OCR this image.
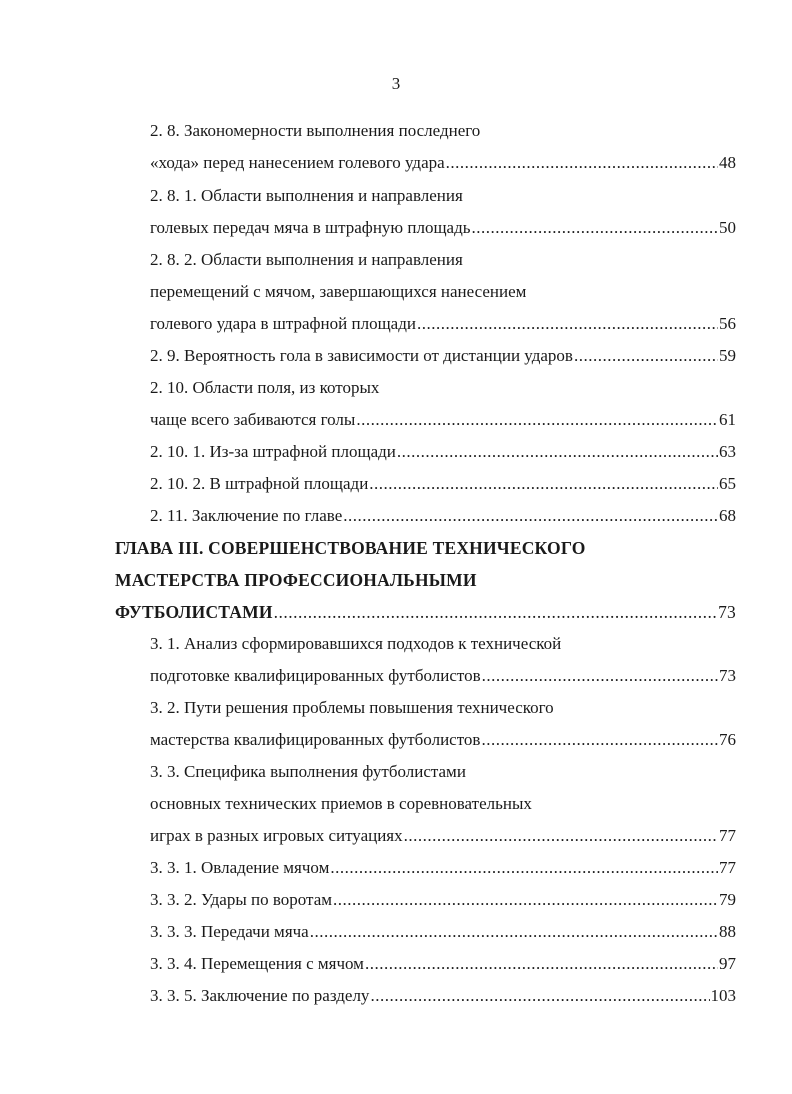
3
2. 8. Закономерности выполнения последнего
«хода» перед нанесением голевого удара .....	48
2. 8. 1. Области выполнения и направления
голевых передач мяча в штрафную площадь .....	50
2. 8. 2. Области выполнения и направления
перемещений с мячом, завершающихся нанесением
голевого удара в штрафной площади .....	56
2. 9. Вероятность гола в зависимости от дистанции ударов .....	59
2. 10. Области поля, из которых
чаще всего забиваются голы .....	61
2. 10. 1. Из-за штрафной площади .....	63
2. 10. 2. В штрафной площади .....	65
2. 11. Заключение по главе .....	68
ГЛАВА III. СОВЕРШЕНСТВОВАНИЕ ТЕХНИЧЕСКОГО
МАСТЕРСТВА ПРОФЕССИОНАЛЬНЫМИ
ФУТБОЛИСТАМИ .....	73
3. 1. Анализ сформировавшихся подходов к технической
подготовке квалифицированных футболистов .....	73
3. 2. Пути решения проблемы повышения технического
мастерства квалифицированных футболистов .....	76
3. 3. Специфика выполнения футболистами
основных технических приемов в соревновательных
играх в разных игровых ситуациях .....	77
3. 3. 1. Овладение мячом .....	77
3. 3. 2. Удары по воротам .....	79
3. 3. 3. Передачи мяча .....	88
3. 3. 4. Перемещения с мячом .....	97
3. 3. 5. Заключение по разделу .....	103
